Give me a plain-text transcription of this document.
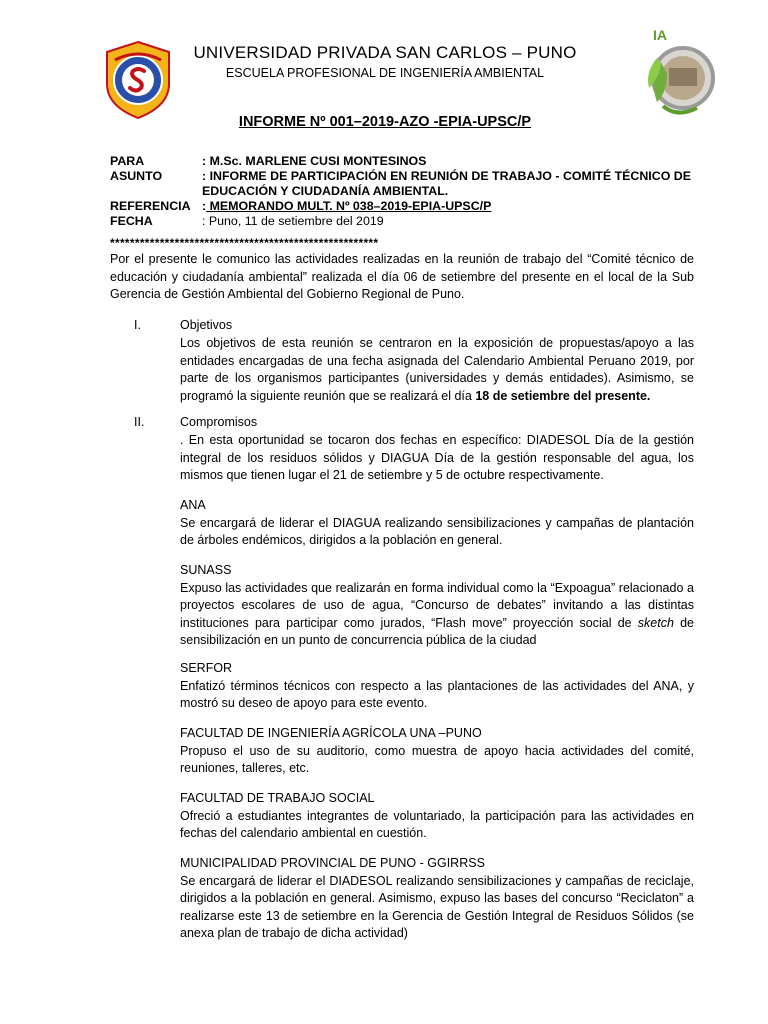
IA
UNIVERSIDAD PRIVADA SAN CARLOS – PUNO
ESCUELA PROFESIONAL DE INGENIERÍA AMBIENTAL
INFORME Nº 001–2019-AZO -EPIA-UPSC/P
PARA	: M.Sc. MARLENE CUSI MONTESINOS
ASUNTO	: INFORME DE PARTICIPACIÓN EN REUNIÓN DE TRABAJO - COMITÉ TÉCNICO DE
EDUCACIÓN Y CIUDADANÍA AMBIENTAL.
REFERENCIA : MEMORANDO MULT. Nº 038–2019-EPIA-UPSC/P
FECHA	: Puno, 11 de setiembre del 2019
******************************************************
Por el presente le comunico las actividades realizadas en la reunión de trabajo del “Comité técnico de educación y ciudadanía ambiental” realizada el día 06 de setiembre del presente en el local de la Sub Gerencia de Gestión Ambiental del Gobierno Regional de Puno.
I.	Objetivos
Los objetivos de esta reunión se centraron en la exposición de propuestas/apoyo a las entidades encargadas de una fecha asignada del Calendario Ambiental Peruano 2019, por parte de los organismos participantes (universidades y demás entidades). Asimismo, se programó la siguiente reunión que se realizará el día 18 de setiembre del presente.
II.	Compromisos
. En esta oportunidad se tocaron dos fechas en específico: DIADESOL Día de la gestión integral de los residuos sólidos y DIAGUA Día de la gestión responsable del agua, los mismos que tienen lugar el 21 de setiembre y 5 de octubre respectivamente.
ANA
Se encargará de liderar el DIAGUA realizando sensibilizaciones y campañas de plantación de árboles endémicos, dirigidos a la población en general.
SUNASS
Expuso las actividades que realizarán en forma individual como la “Expoagua” relacionado a proyectos escolares de uso de agua, “Concurso de debates” invitando a las distintas instituciones para participar como jurados, “Flash move” proyección social de sketch de sensibilización en un punto de concurrencia pública de la ciudad
SERFOR
Enfatizó términos técnicos con respecto a las plantaciones de las actividades del ANA, y mostró su deseo de apoyo para este evento.
FACULTAD DE INGENIERÍA AGRÍCOLA UNA –PUNO
Propuso el uso de su auditorio, como muestra de apoyo hacia actividades del comité, reuniones, talleres, etc.
FACULTAD DE TRABAJO SOCIAL
Ofreció a estudiantes integrantes de voluntariado, la participación para las actividades en fechas del calendario ambiental en cuestión.
MUNICIPALIDAD PROVINCIAL DE PUNO - GGIRRSS
Se encargará de liderar el DIADESOL realizando sensibilizaciones y campañas de reciclaje, dirigidos a la población en general. Asimismo, expuso las bases del concurso “Reciclaton” a realizarse este 13 de setiembre en la Gerencia de Gestión Integral de Residuos Sólidos (se anexa plan de trabajo de dicha actividad)
